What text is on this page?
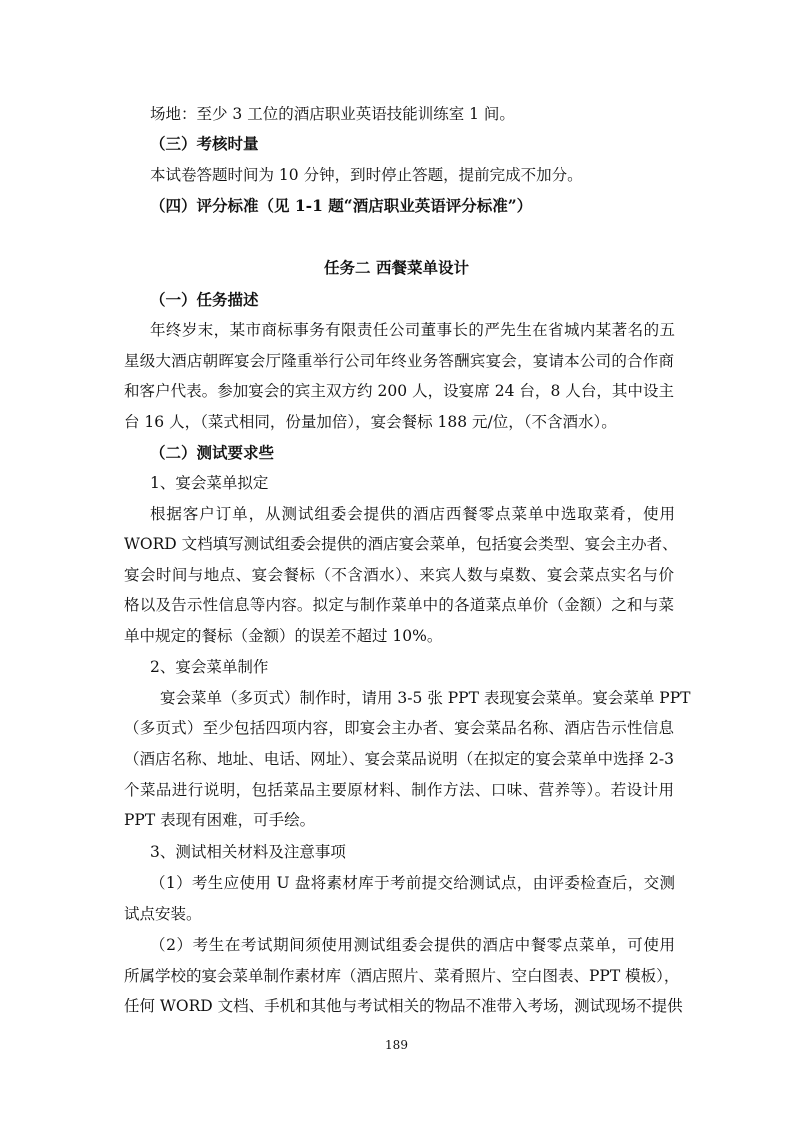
场地：至少 3 工位的酒店职业英语技能训练室 1 间。
（三）考核时量
本试卷答题时间为 10 分钟，到时停止答题，提前完成不加分。
（四）评分标准（见 1-1 题“酒店职业英语评分标准”）
任务二 西餐菜单设计
（一）任务描述
年终岁末，某市商标事务有限责任公司董事长的严先生在省城内某著名的五
星级大酒店朝晖宴会厅隆重举行公司年终业务答酬宾宴会，宴请本公司的合作商
和客户代表。参加宴会的宾主双方约 200 人，设宴席 24 台，8 人台，其中设主
台 16 人，（菜式相同，份量加倍），宴会餐标 188 元/位，（不含酒水）。
（二）测试要求些
1、宴会菜单拟定
根据客户订单，从测试组委会提供的酒店西餐零点菜单中选取菜肴，使用
WORD 文档填写测试组委会提供的酒店宴会菜单，包括宴会类型、宴会主办者、
宴会时间与地点、宴会餐标（不含酒水）、来宾人数与桌数、宴会菜点实名与价
格以及告示性信息等内容。拟定与制作菜单中的各道菜点单价（金额）之和与菜
单中规定的餐标（金额）的误差不超过 10%。
2、宴会菜单制作
宴会菜单（多页式）制作时，请用 3-5 张 PPT 表现宴会菜单。宴会菜单 PPT
（多页式）至少包括四项内容，即宴会主办者、宴会菜品名称、酒店告示性信息
（酒店名称、地址、电话、网址）、宴会菜品说明（在拟定的宴会菜单中选择 2-3
个菜品进行说明，包括菜品主要原材料、制作方法、口味、营养等）。若设计用
PPT 表现有困难，可手绘。
3、测试相关材料及注意事项
（1）考生应使用 U 盘将素材库于考前提交给测试点，由评委检查后，交测
试点安装。
（2）考生在考试期间须使用测试组委会提供的酒店中餐零点菜单，可使用
所属学校的宴会菜单制作素材库（酒店照片、菜肴照片、空白图表、PPT 模板），
任何 WORD 文档、手机和其他与考试相关的物品不准带入考场，测试现场不提供
189
